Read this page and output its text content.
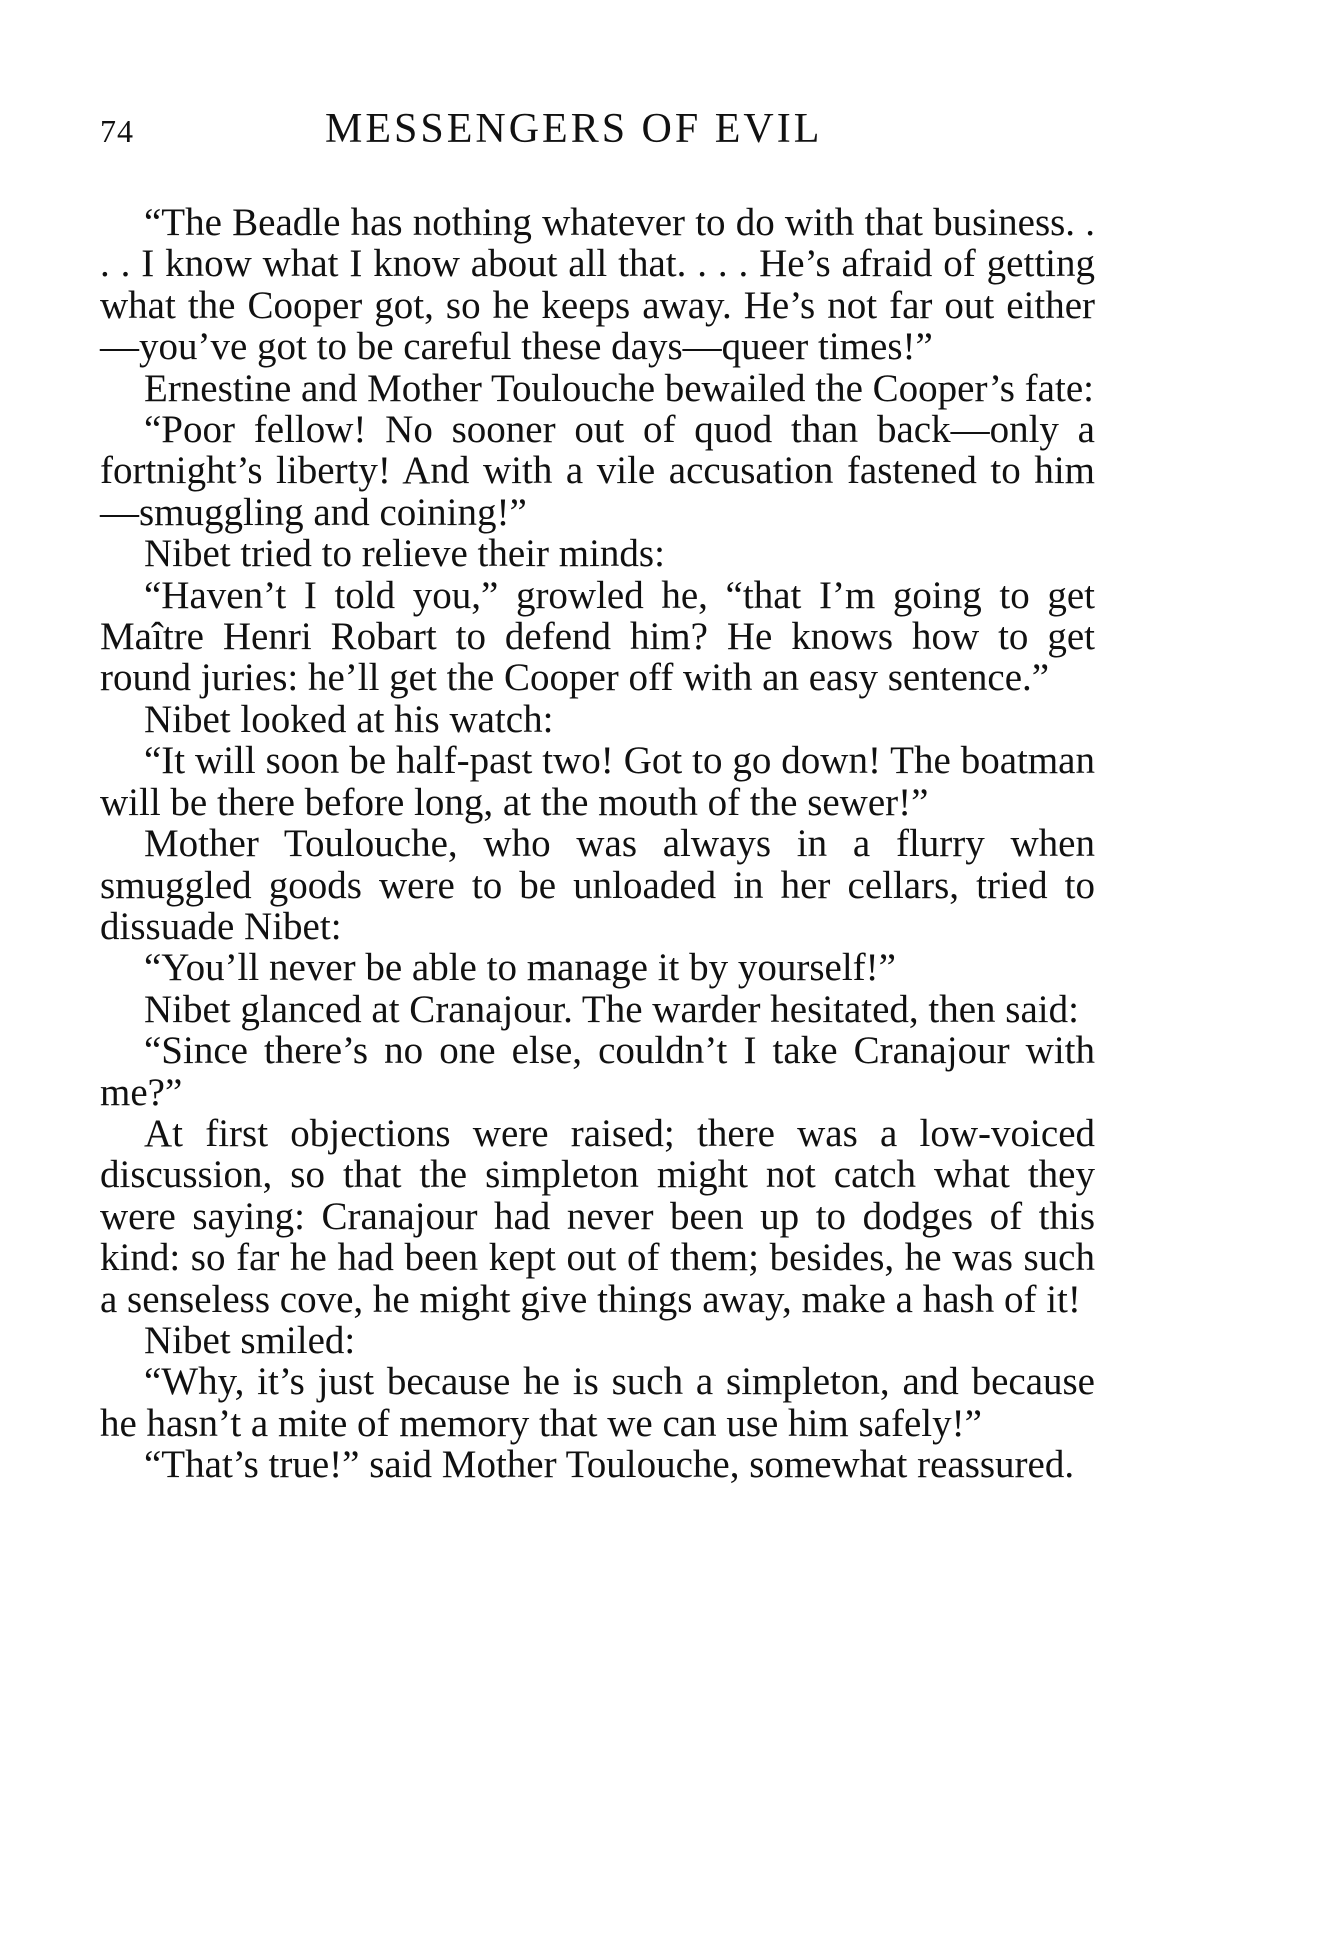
74	MESSENGERS OF EVIL

“The Beadle has nothing whatever to do with that business. . . . I know what I know about all that. . . . He’s afraid of getting what the Cooper got, so he keeps away. He’s not far out either—you’ve got to be careful these days—queer times!”

Ernestine and Mother Toulouche bewailed the Cooper’s fate:

“Poor fellow! No sooner out of quod than back—only a fortnight’s liberty! And with a vile accusation fastened to him—smuggling and coining!”

Nibet tried to relieve their minds:

“Haven’t I told you,” growled he, “that I’m going to get Maître Henri Robart to defend him? He knows how to get round juries: he’ll get the Cooper off with an easy sentence.”

Nibet looked at his watch:

“It will soon be half-past two! Got to go down! The boatman will be there before long, at the mouth of the sewer!”

Mother Toulouche, who was always in a flurry when smuggled goods were to be unloaded in her cellars, tried to dissuade Nibet:

“You’ll never be able to manage it by yourself!”

Nibet glanced at Cranajour. The warder hesitated, then said:

“Since there’s no one else, couldn’t I take Cranajour with me?”

At first objections were raised; there was a low-voiced discussion, so that the simpleton might not catch what they were saying: Cranajour had never been up to dodges of this kind: so far he had been kept out of them; besides, he was such a senseless cove, he might give things away, make a hash of it!

Nibet smiled:

“Why, it’s just because he is such a simpleton, and because he hasn’t a mite of memory that we can use him safely!”

“That’s true!” said Mother Toulouche, somewhat reassured.
